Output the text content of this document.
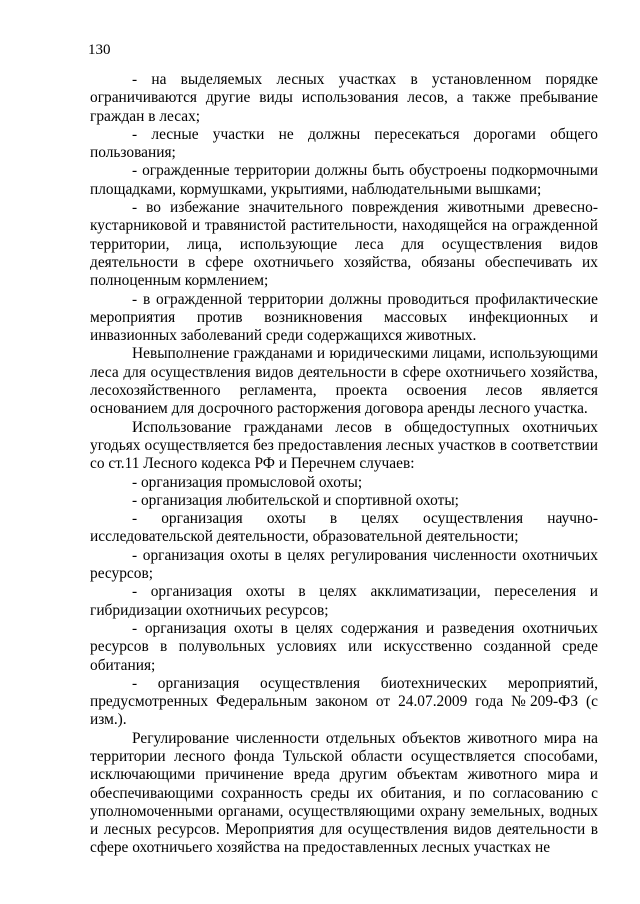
130

- на выделяемых лесных участках в установленном порядке ограничиваются другие виды использования лесов, а также пребывание граждан в лесах;

- лесные участки не должны пересекаться дорогами общего пользования;

- огражденные территории должны быть обустроены подкормочными площадками, кормушками, укрытиями, наблюдательными вышками;

- во избежание значительного повреждения животными древесно-кустарниковой и травянистой растительности, находящейся на огражденной территории, лица, использующие леса для осуществления видов деятельности в сфере охотничьего хозяйства, обязаны обеспечивать их полноценным кормлением;

- в огражденной территории должны проводиться профилактические мероприятия против возникновения массовых инфекционных и инвазионных заболеваний среди содержащихся животных.

Невыполнение гражданами и юридическими лицами, использующими леса для осуществления видов деятельности в сфере охотничьего хозяйства, лесохозяйственного регламента, проекта освоения лесов является основанием для досрочного расторжения договора аренды лесного участка.

Использование гражданами лесов в общедоступных охотничьих угодьях осуществляется без предоставления лесных участков в соответствии со ст.11 Лесного кодекса РФ и Перечнем случаев:

- организация промысловой охоты;

- организация любительской и спортивной охоты;

- организация охоты в целях осуществления научно-исследовательской деятельности, образовательной деятельности;

- организация охоты в целях регулирования численности охотничьих ресурсов;

- организация охоты в целях акклиматизации, переселения и гибридизации охотничьих ресурсов;

- организация охоты в целях содержания и разведения охотничьих ресурсов в полувольных условиях или искусственно созданной среде обитания;

- организация осуществления биотехнических мероприятий, предусмотренных Федеральным законом от 24.07.2009 года №209-ФЗ (с изм.).

Регулирование численности отдельных объектов животного мира на территории лесного фонда Тульской области осуществляется способами, исключающими причинение вреда другим объектам животного мира и обеспечивающими сохранность среды их обитания, и по согласованию с уполномоченными органами, осуществляющими охрану земельных, водных и лесных ресурсов. Мероприятия для осуществления видов деятельности в сфере охотничьего хозяйства на предоставленных лесных участках не
